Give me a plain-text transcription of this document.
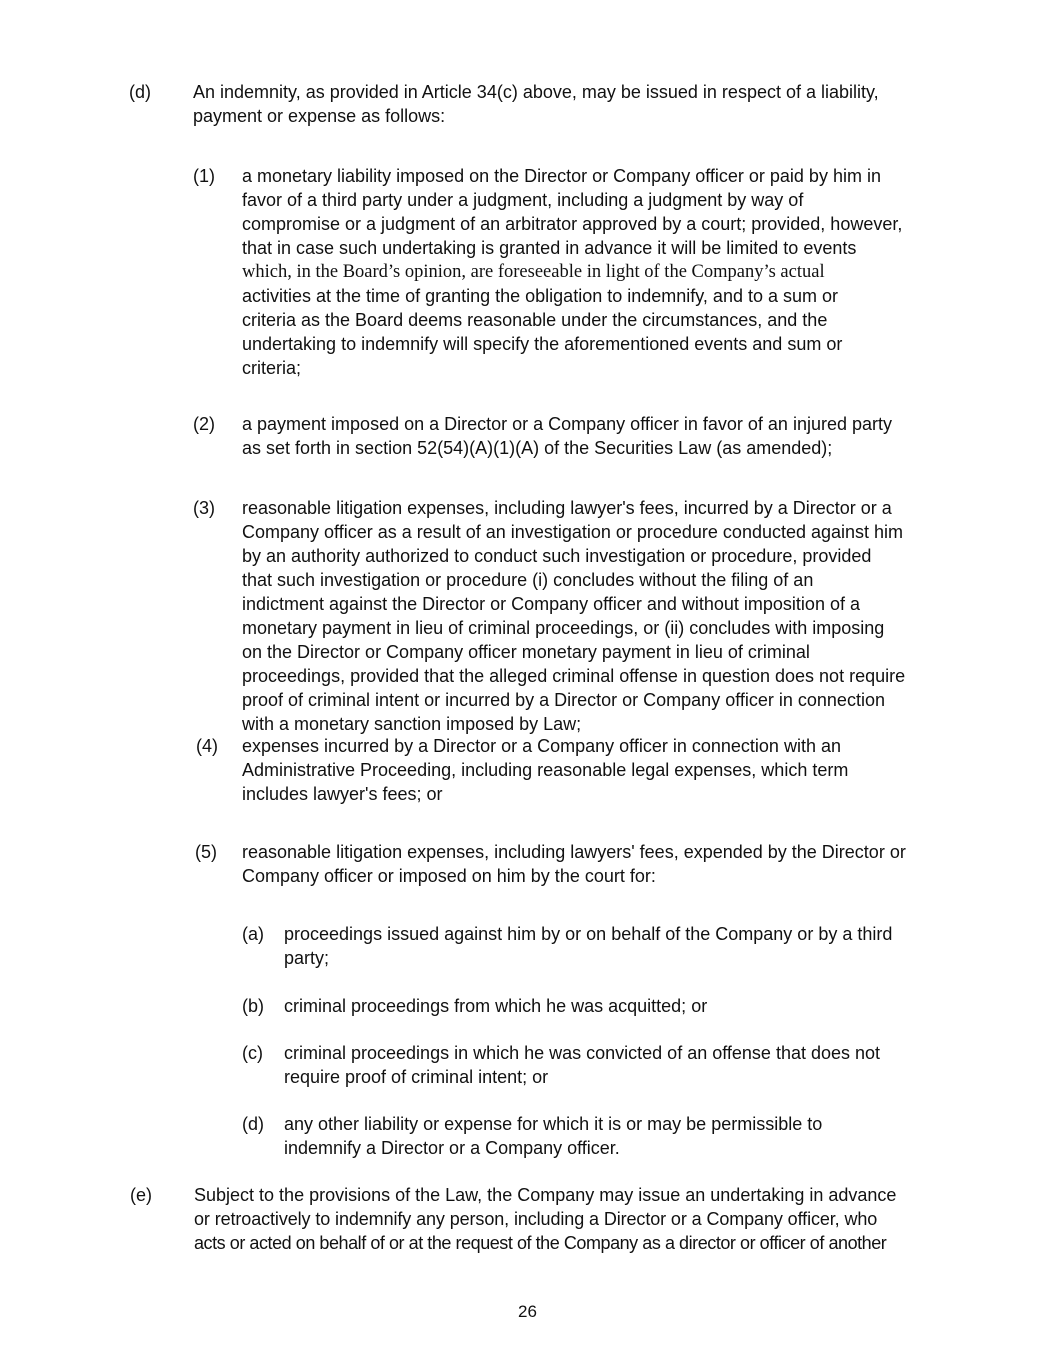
(d) An indemnity, as provided in Article 34(c) above, may be issued in respect of a liability,
payment or expense as follows:
(1) a monetary liability imposed on the Director or Company officer or paid by him in
favor of a third party under a judgment, including a judgment by way of
compromise or a judgment of an arbitrator approved by a court; provided, however,
that in case such undertaking is granted in advance it will be limited to events
which, in the Board’s opinion, are foreseeable in light of the Company’s actual
activities at the time of granting the obligation to indemnify, and to a sum or
criteria as the Board deems reasonable under the circumstances, and the
undertaking to indemnify will specify the aforementioned events and sum or
criteria;
(2) a payment imposed on a Director or a Company officer in favor of an injured party
as set forth in section 52(54)(A)(1)(A) of the Securities Law (as amended);
(3) reasonable litigation expenses, including lawyer's fees, incurred by a Director or a
Company officer as a result of an investigation or procedure conducted against him
by an authority authorized to conduct such investigation or procedure, provided
that such investigation or procedure (i) concludes without the filing of an
indictment against the Director or Company officer and without imposition of a
monetary payment in lieu of criminal proceedings, or (ii) concludes with imposing
on the Director or Company officer monetary payment in lieu of criminal
proceedings, provided that the alleged criminal offense in question does not require
proof of criminal intent or incurred by a Director or Company officer in connection
with a monetary sanction imposed by Law;
(4) expenses incurred by a Director or a Company officer in connection with an
Administrative Proceeding, including reasonable legal expenses, which term
includes lawyer's fees; or
(5) reasonable litigation expenses, including lawyers' fees, expended by the Director or
Company officer or imposed on him by the court for:
(a) proceedings issued against him by or on behalf of the Company or by a third
party;
(b) criminal proceedings from which he was acquitted; or
(c) criminal proceedings in which he was convicted of an offense that does not
require proof of criminal intent; or
(d) any other liability or expense for which it is or may be permissible to
indemnify a Director or a Company officer.
(e) Subject to the provisions of the Law, the Company may issue an undertaking in advance
or retroactively to indemnify any person, including a Director or a Company officer, who
acts or acted on behalf of or at the request of the Company as a director or officer of another
26
